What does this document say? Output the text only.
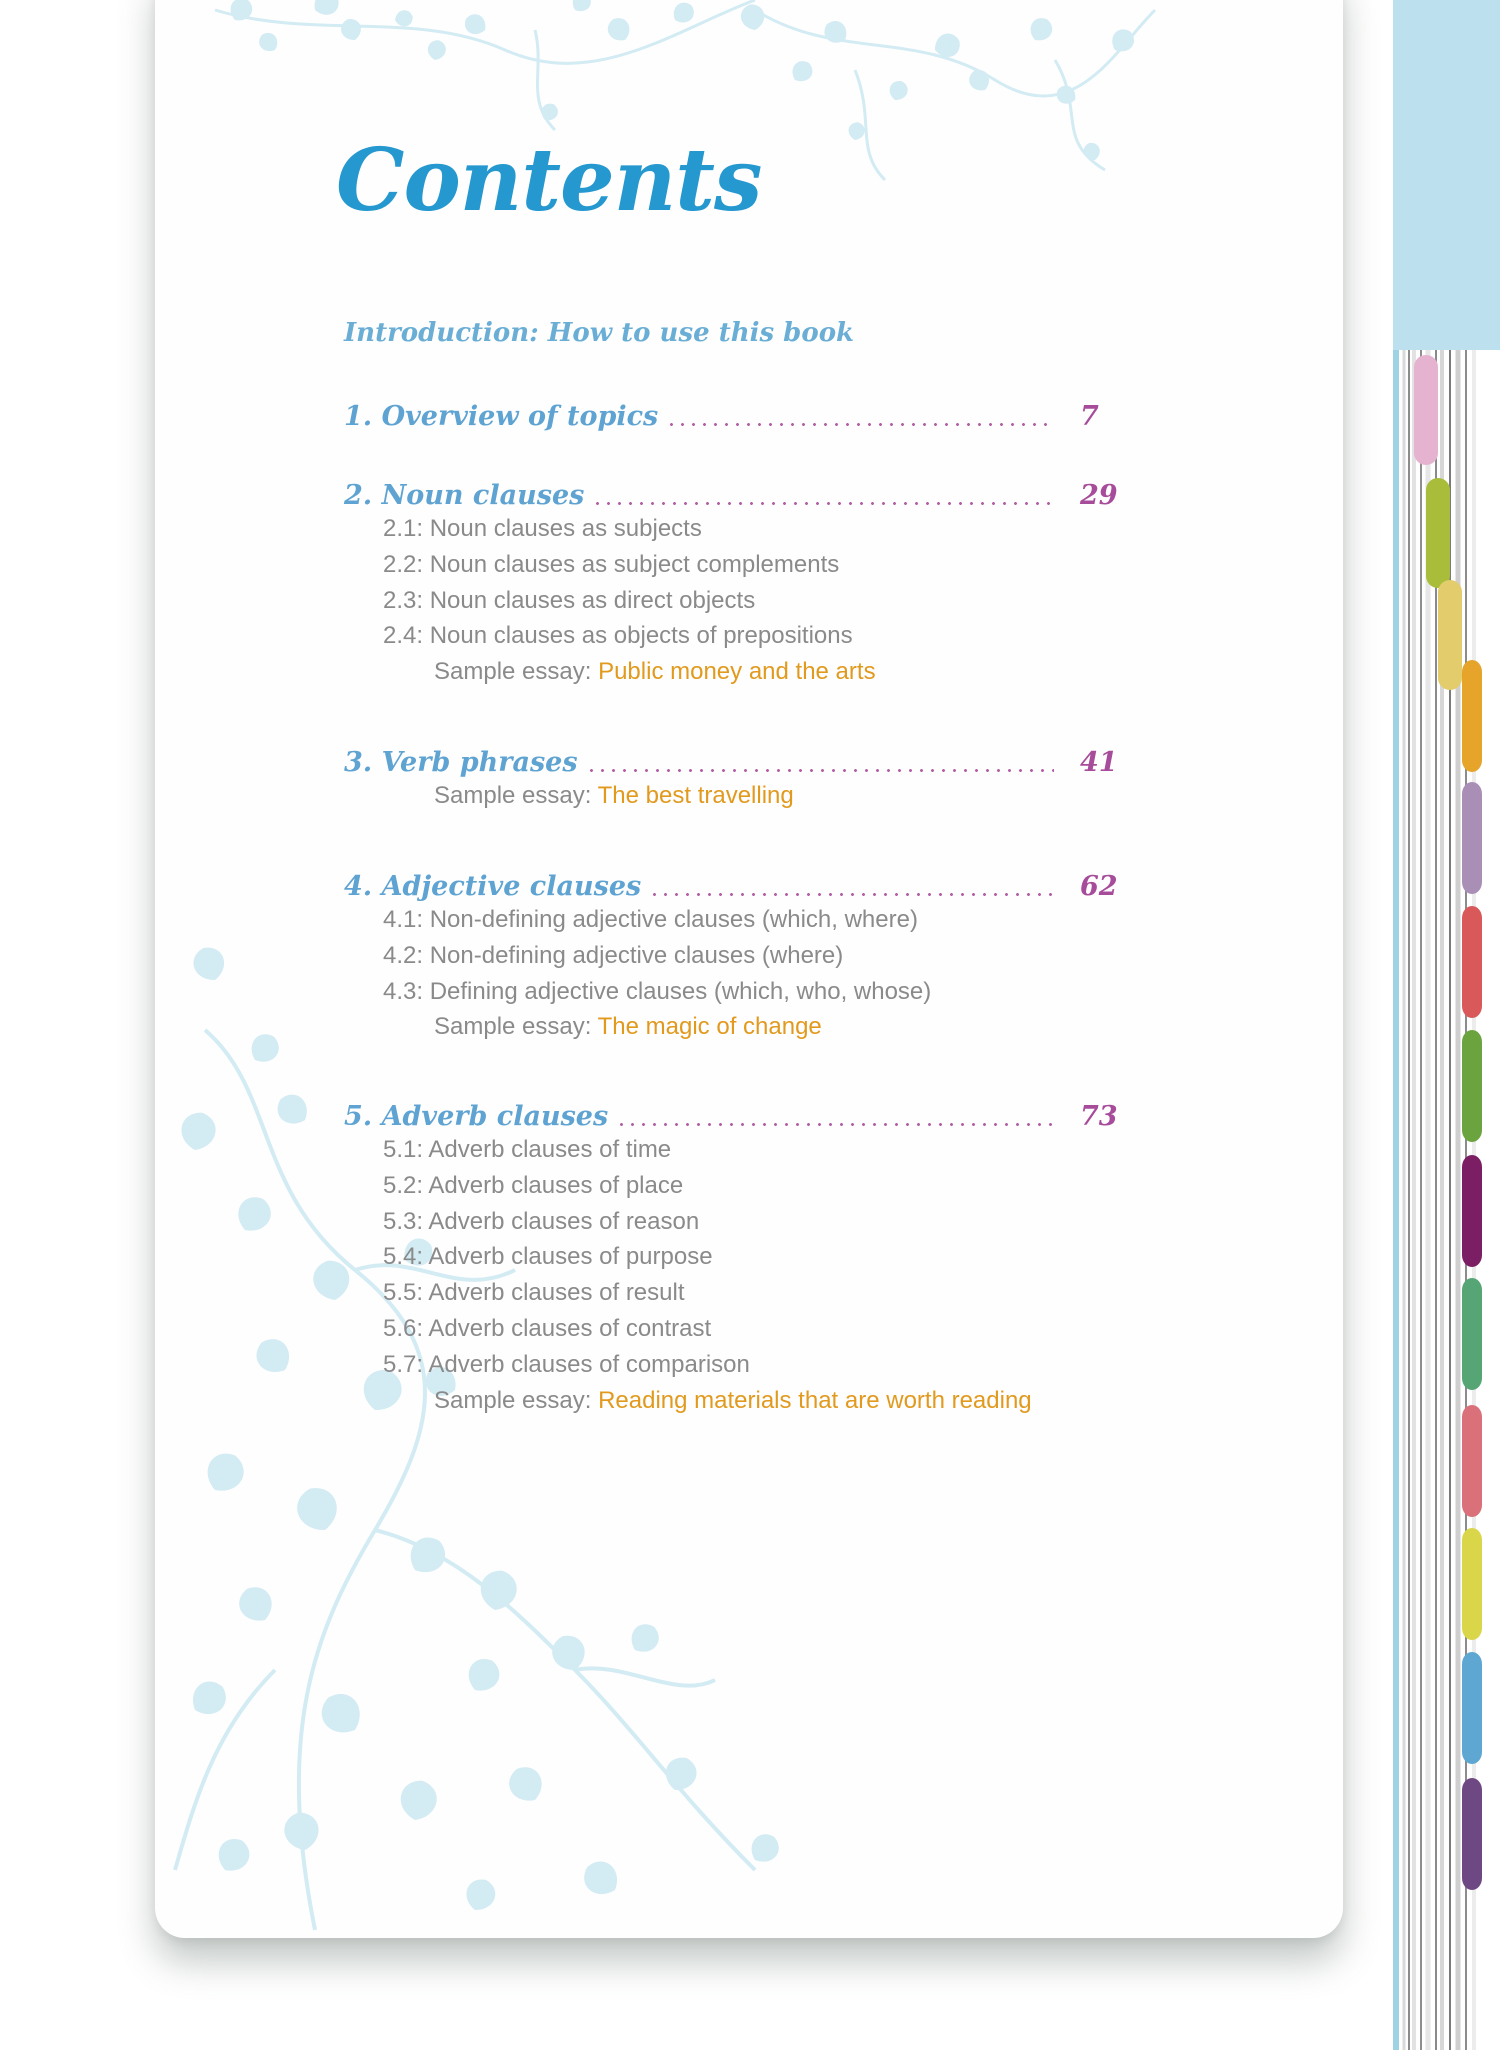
Contents
Introduction: How to use this book
1. Overview of topics	7
2. Noun clauses	29
2.1: Noun clauses as subjects
2.2: Noun clauses as subject complements
2.3: Noun clauses as direct objects
2.4: Noun clauses as objects of prepositions
Sample essay: Public money and the arts
3. Verb phrases	41
Sample essay: The best travelling
4. Adjective clauses	62
4.1: Non-defining adjective clauses (which, where)
4.2: Non-defining adjective clauses (where)
4.3: Defining adjective clauses (which, who, whose)
Sample essay: The magic of change
5. Adverb clauses	73
5.1: Adverb clauses of time
5.2: Adverb clauses of place
5.3: Adverb clauses of reason
5.4: Adverb clauses of purpose
5.5: Adverb clauses of result
5.6: Adverb clauses of contrast
5.7: Adverb clauses of comparison
Sample essay: Reading materials that are worth reading
